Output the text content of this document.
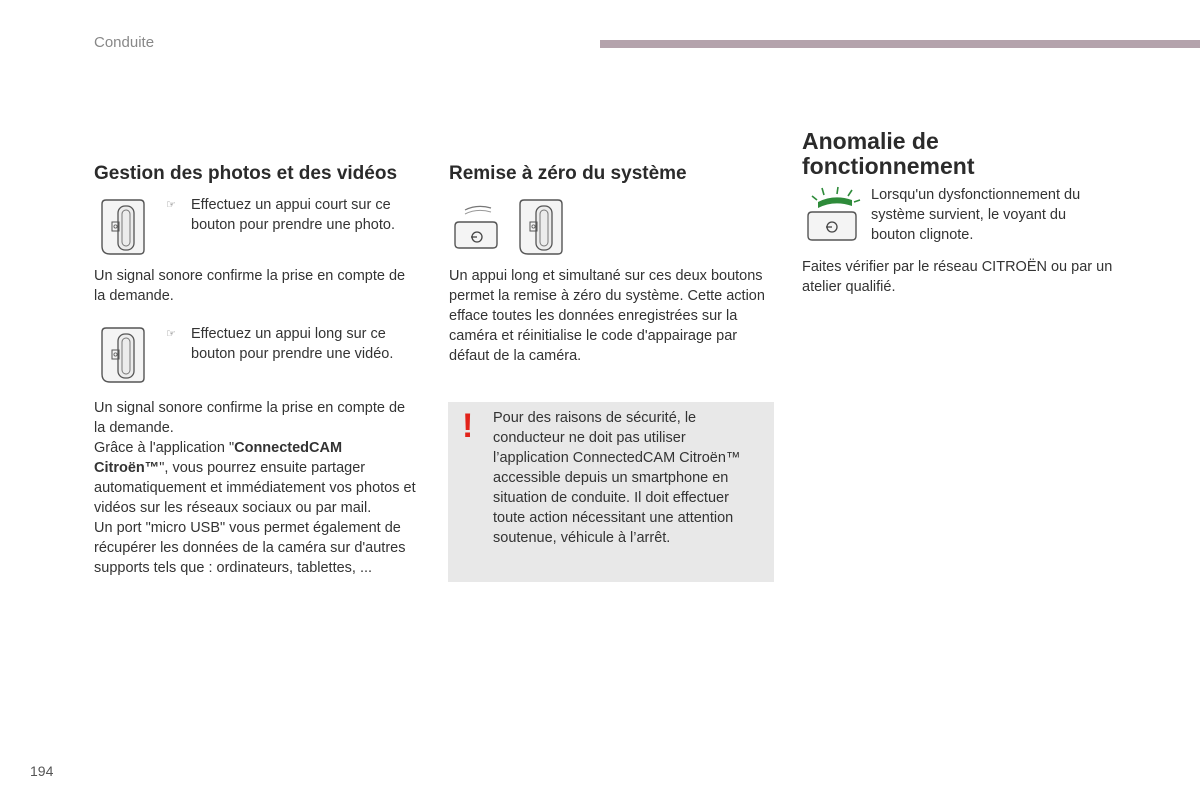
Conduite
Gestion des photos et des vidéos
☞ Effectuez un appui court sur ce bouton pour prendre une photo.

Un signal sonore confirme la prise en compte de la demande.

☞ Effectuez un appui long sur ce bouton pour prendre une vidéo.

Un signal sonore confirme la prise en compte de la demande.
Grâce à l'application "ConnectedCAM Citroën™", vous pourrez ensuite partager automatiquement et immédiatement vos photos et vidéos sur les réseaux sociaux ou par mail.
Un port "micro USB" vous permet également de récupérer les données de la caméra sur d'autres supports tels que : ordinateurs, tablettes, ...

Remise à zéro du système

Un appui long et simultané sur ces deux boutons permet la remise à zéro du système. Cette action efface toutes les données enregistrées sur la caméra et réinitialise le code d'appairage par défaut de la caméra.

! Pour des raisons de sécurité, le conducteur ne doit pas utiliser l’application ConnectedCAM Citroën™ accessible depuis un smartphone en situation de conduite. Il doit effectuer toute action nécessitant une attention soutenue, véhicule à l’arrêt.

Anomalie de
fonctionnement

Lorsqu'un dysfonctionnement du système survient, le voyant du bouton clignote.

Faites vérifier par le réseau CITROËN ou par un atelier qualifié.

194
